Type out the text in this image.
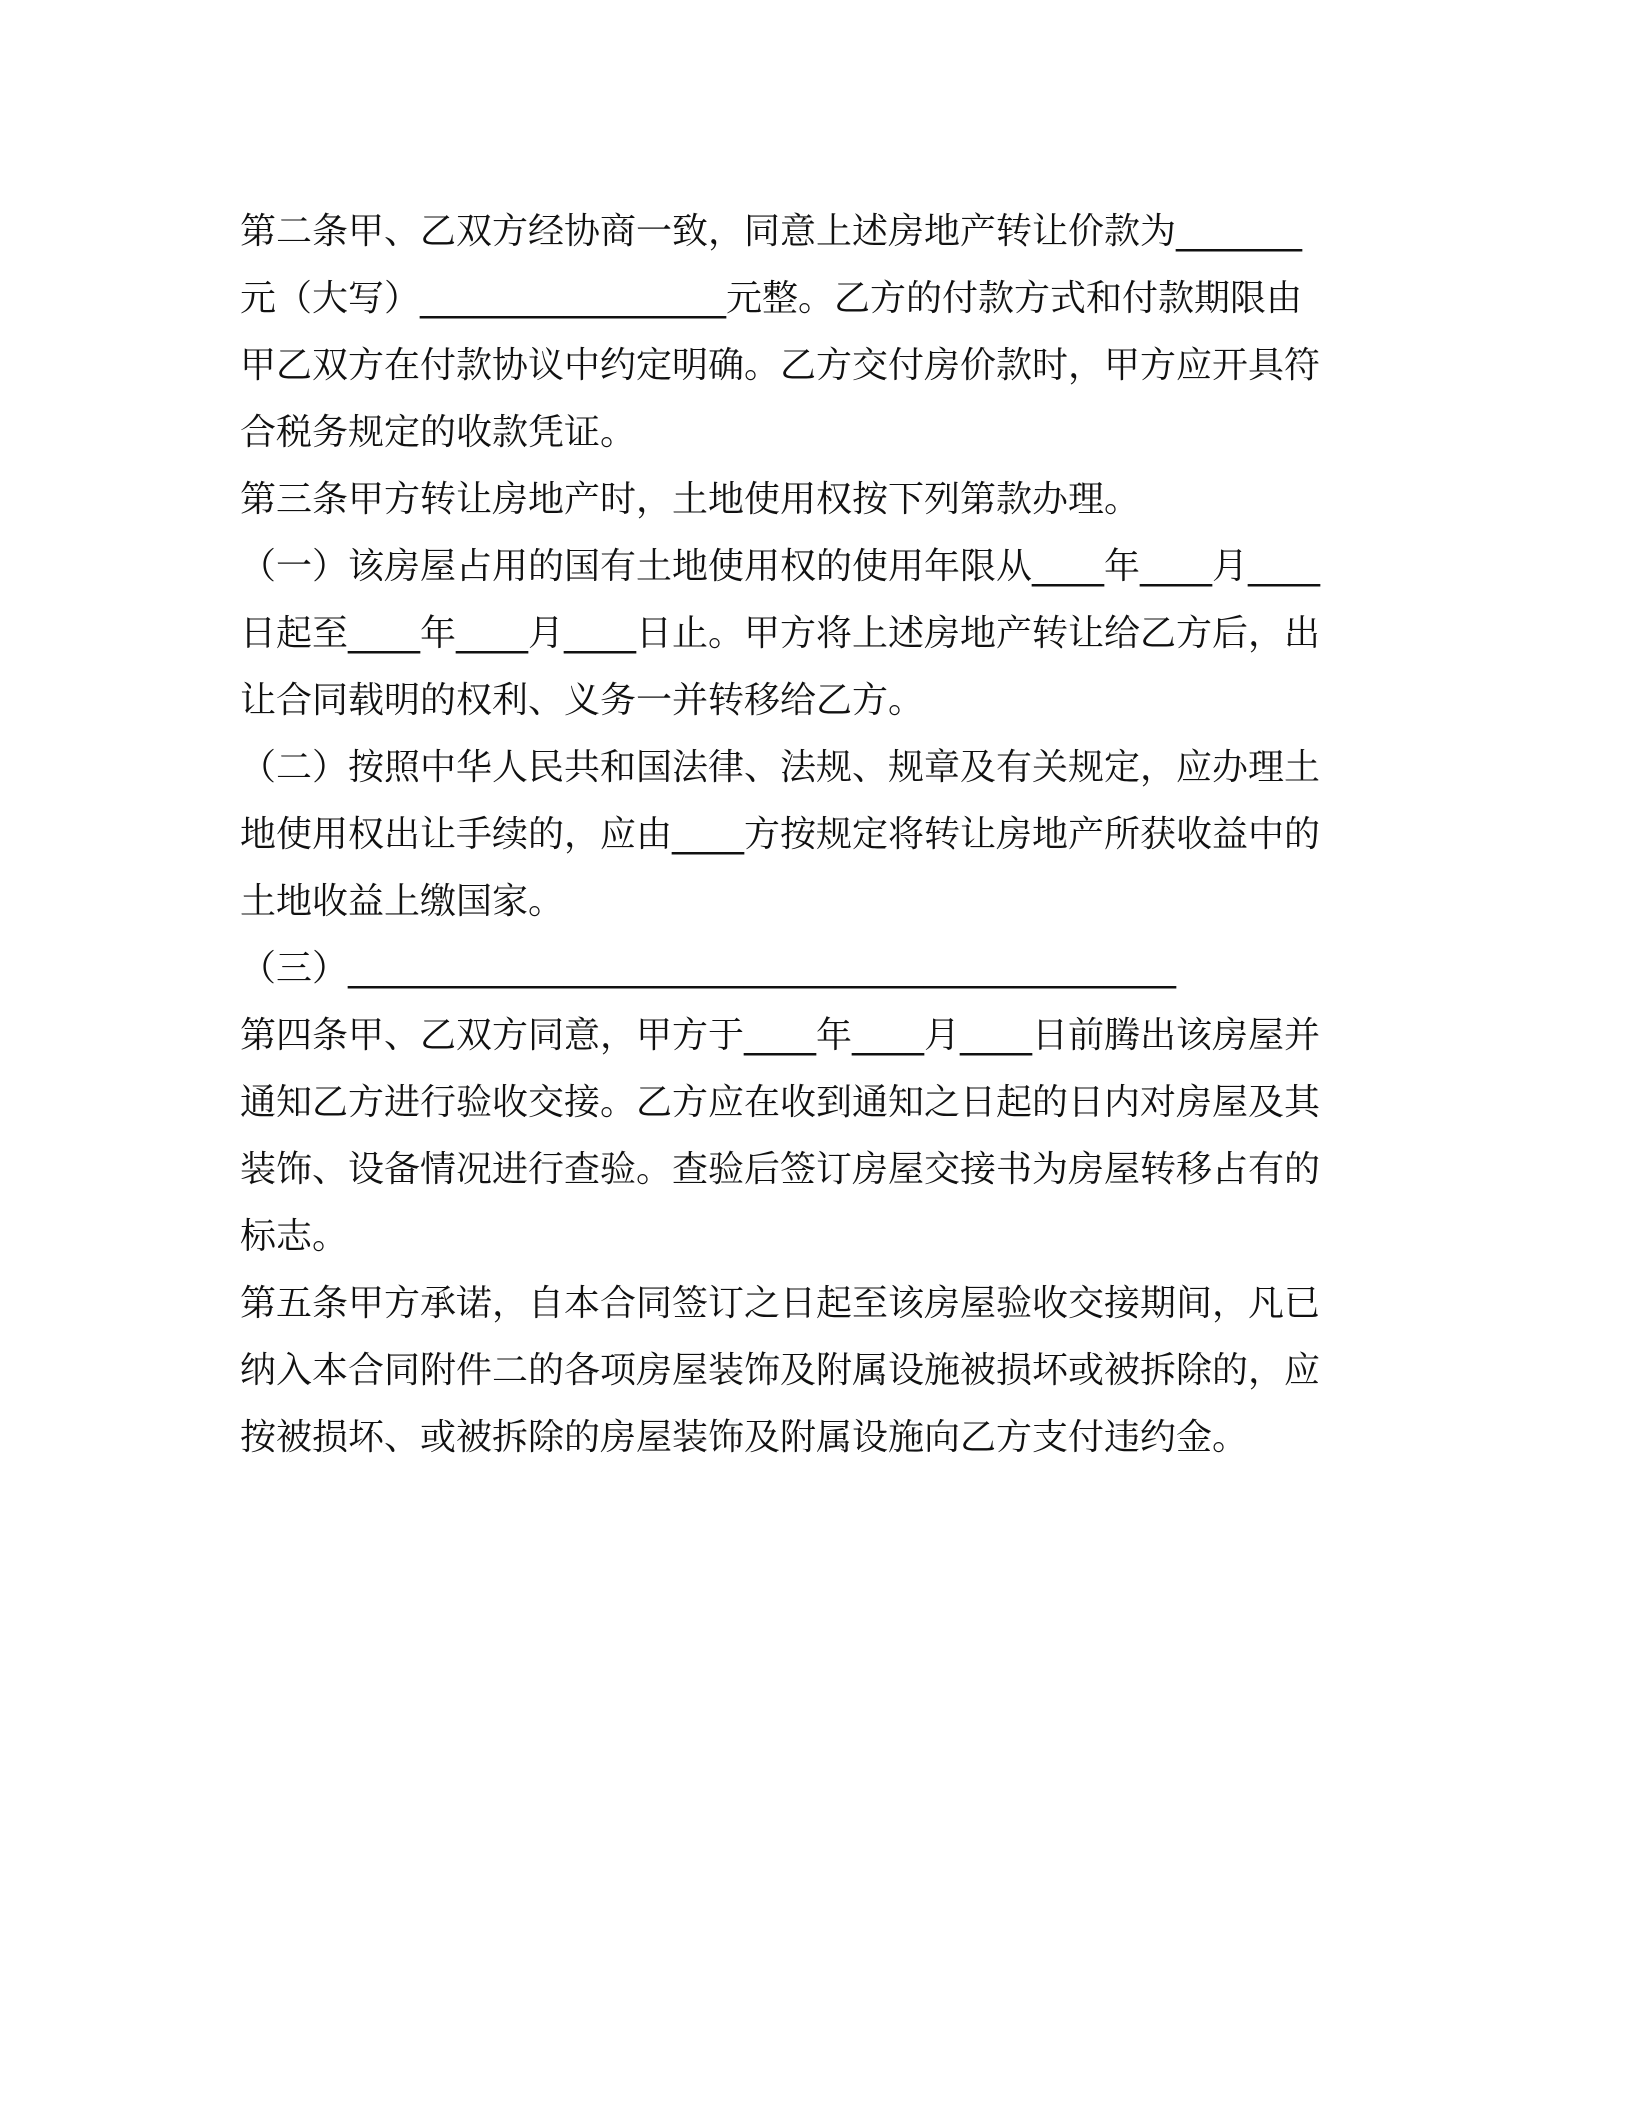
第二条甲、乙双方经协商一致，同意上述房地产转让价款为_______

元（大写）_________________元整。乙方的付款方式和付款期限由

甲乙双方在付款协议中约定明确。乙方交付房价款时，甲方应开具符

合税务规定的收款凭证。

第三条甲方转让房地产时，土地使用权按下列第款办理。

（一）该房屋占用的国有土地使用权的使用年限从____年____月____

日起至____年____月____日止。甲方将上述房地产转让给乙方后，出

让合同载明的权利、义务一并转移给乙方。

（二）按照中华人民共和国法律、法规、规章及有关规定，应办理土

地使用权出让手续的，应由____方按规定将转让房地产所获收益中的

土地收益上缴国家。

（三）______________________________________________

第四条甲、乙双方同意，甲方于____年____月____日前腾出该房屋并

通知乙方进行验收交接。乙方应在收到通知之日起的日内对房屋及其

装饰、设备情况进行查验。查验后签订房屋交接书为房屋转移占有的

标志。

第五条甲方承诺，自本合同签订之日起至该房屋验收交接期间，凡已

纳入本合同附件二的各项房屋装饰及附属设施被损坏或被拆除的，应

按被损坏、或被拆除的房屋装饰及附属设施向乙方支付违约金。
